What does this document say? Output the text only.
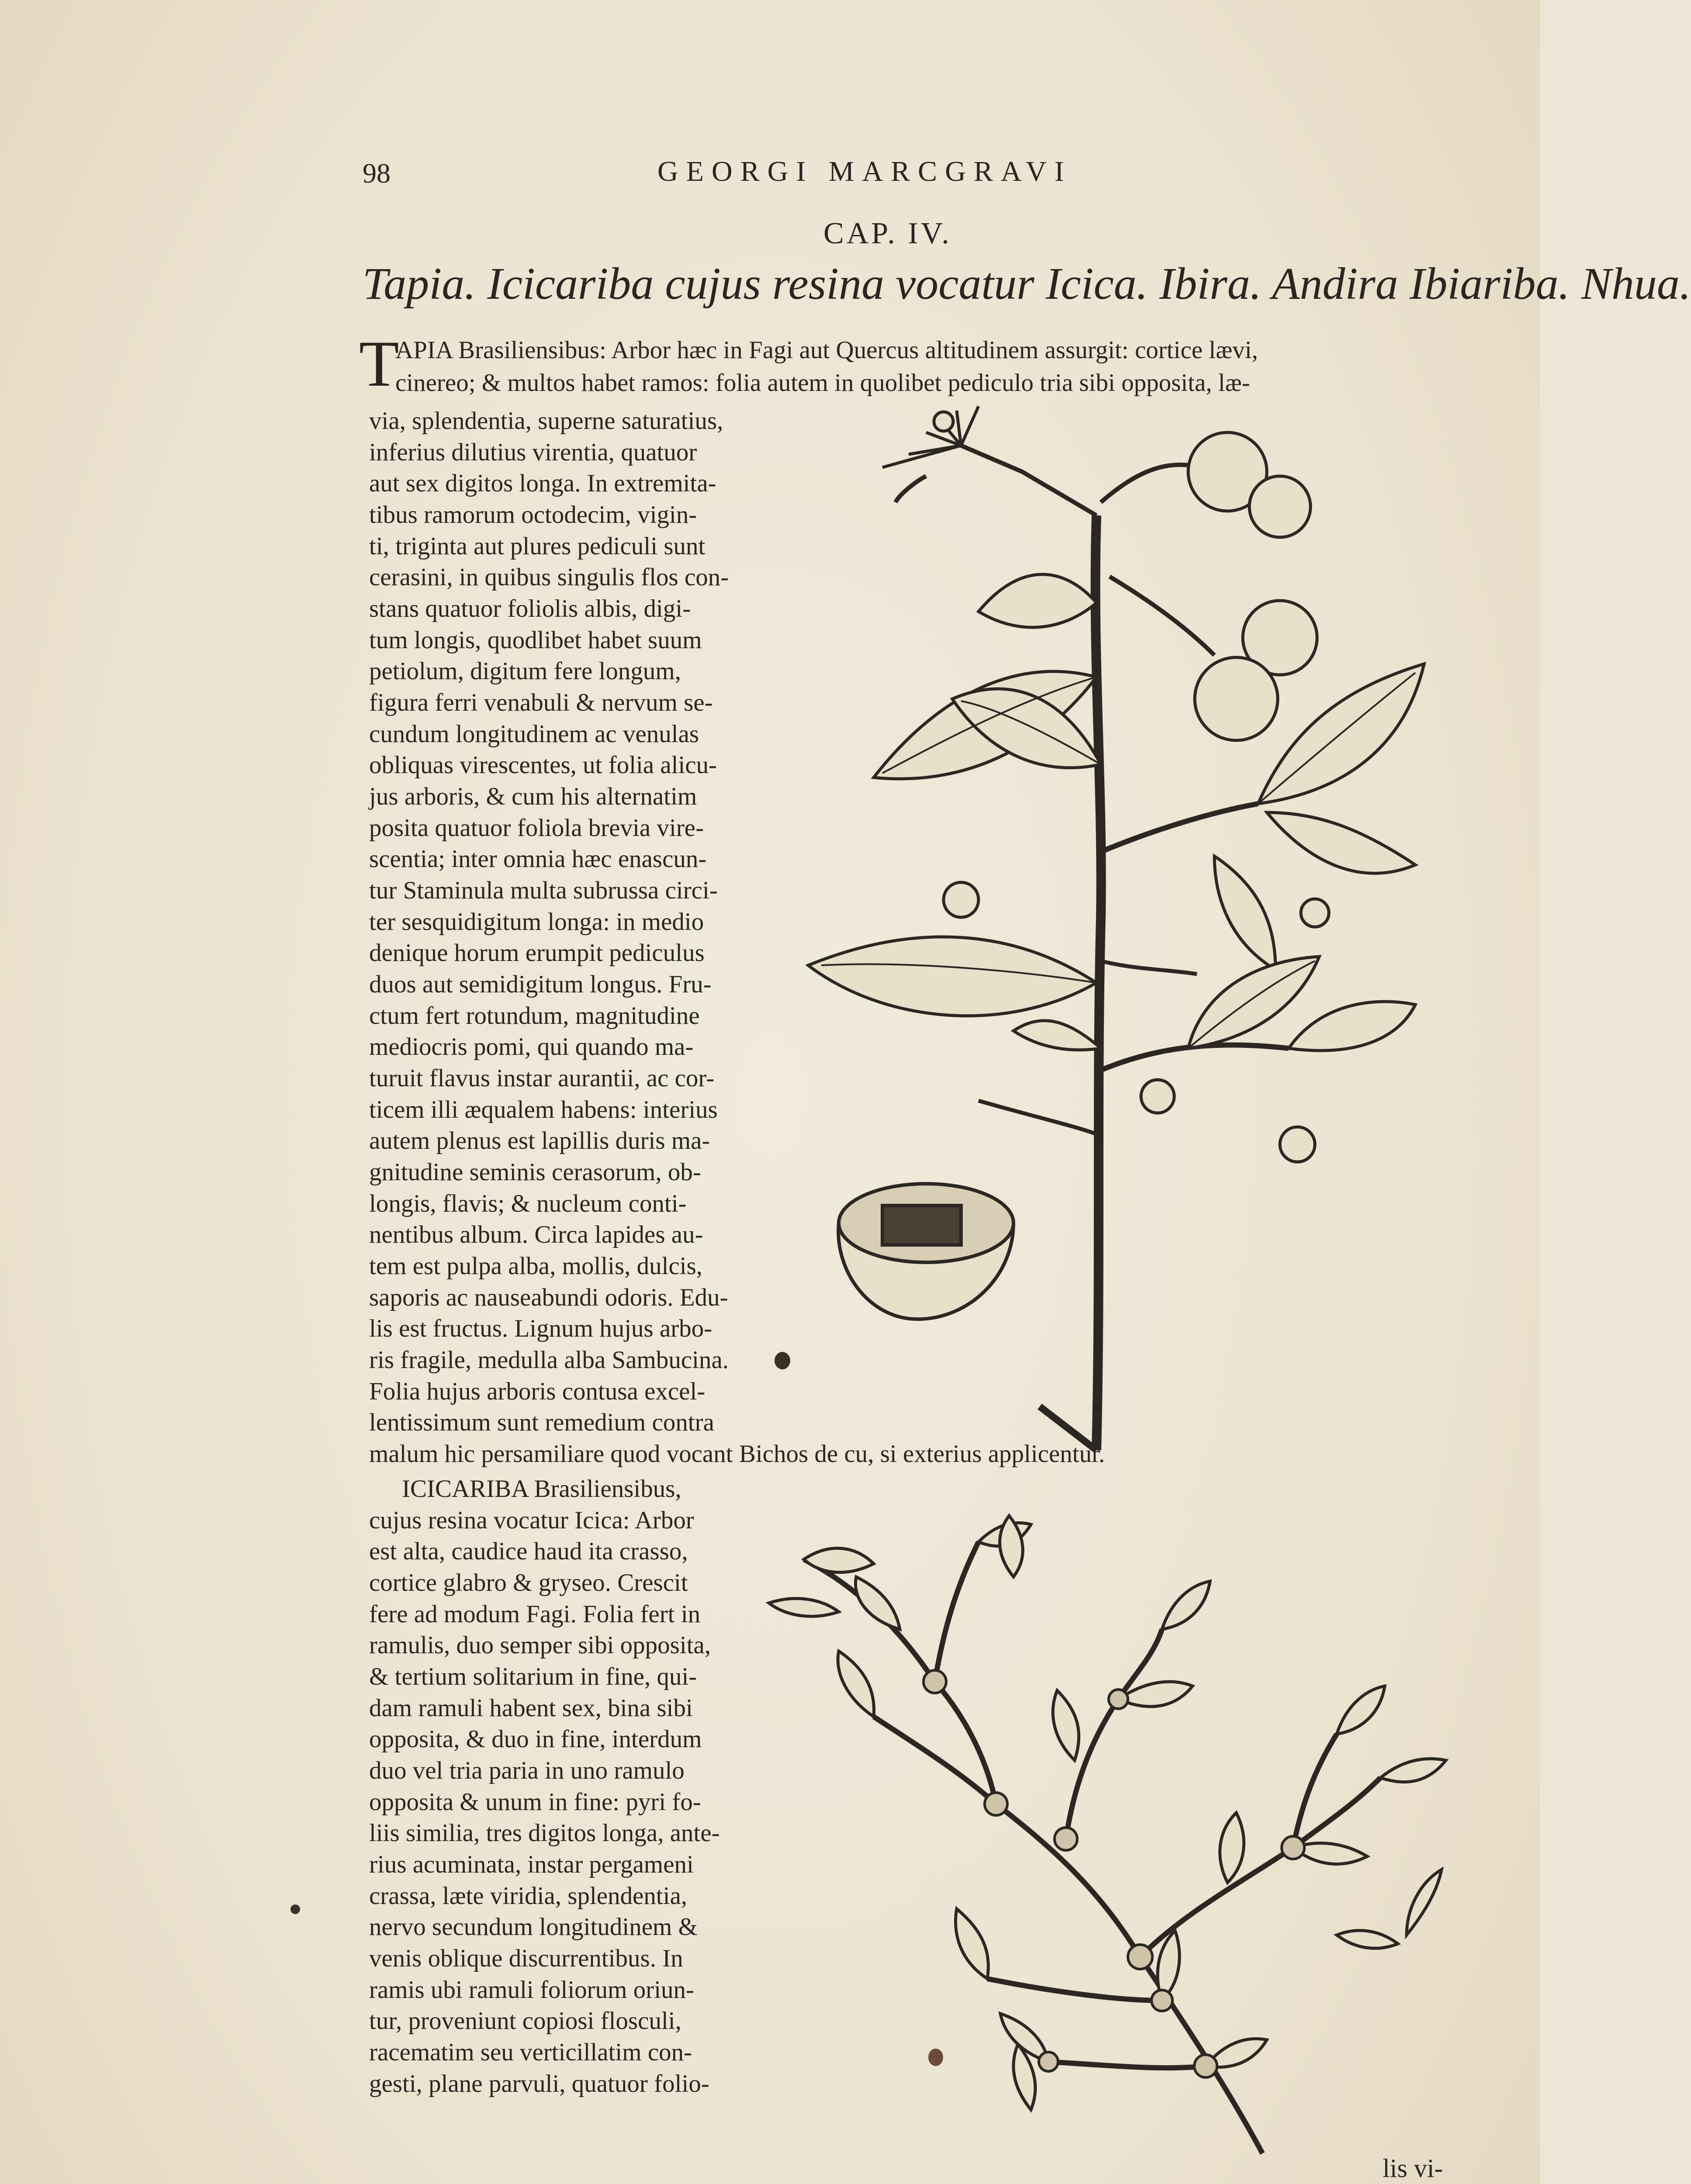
98	GEORGI MARCGRAVI
CAP. IV.
Tapia. Icicariba cujus resina vocatur Icica. Ibira. Andira Ibiariba. Nhua.
T
APIA Brasiliensibus: Arbor hæc in Fagi aut Quercus altitudinem assurgit: cortice lævi,
cinereo; & multos habet ramos: folia autem in quolibet pediculo tria sibi opposita, læ-
via, splendentia, superne saturatius,
inferius dilutius virentia, quatuor
aut sex digitos longa. In extremita-
tibus ramorum octodecim, vigin-
ti, triginta aut plures pediculi sunt
cerasini, in quibus singulis flos con-
stans quatuor foliolis albis, digi-
tum longis, quodlibet habet suum
petiolum, digitum fere longum,
figura ferri venabuli & nervum se-
cundum longitudinem ac venulas
obliquas virescentes, ut folia alicu-
jus arboris, & cum his alternatim
posita quatuor foliola brevia vire-
scentia; inter omnia hæc enascun-
tur Staminula multa subrussa circi-
ter sesquidigitum longa: in medio
denique horum erumpit pediculus
duos aut semidigitum longus. Fru-
ctum fert rotundum, magnitudine
mediocris pomi, qui quando ma-
turuit flavus instar aurantii, ac cor-
ticem illi æqualem habens: interius
autem plenus est lapillis duris ma-
gnitudine seminis cerasorum, ob-
longis, flavis; & nucleum conti-
nentibus album. Circa lapides au-
tem est pulpa alba, mollis, dulcis,
saporis ac nauseabundi odoris. Edu-
lis est fructus. Lignum hujus arbo-
ris fragile, medulla alba Sambucina.
Folia hujus arboris contusa excel-
lentissimum sunt remedium contra
malum hic persamiliare quod vocant Bichos de cu, si exterius applicentur.
ICICARIBA Brasiliensibus,
cujus resina vocatur Icica: Arbor
est alta, caudice haud ita crasso,
cortice glabro & gryseo. Crescit
fere ad modum Fagi. Folia fert in
ramulis, duo semper sibi opposita,
& tertium solitarium in fine, qui-
dam ramuli habent sex, bina sibi
opposita, & duo in fine, interdum
duo vel tria paria in uno ramulo
opposita & unum in fine: pyri fo-
liis similia, tres digitos longa, ante-
rius acuminata, instar pergameni
crassa, læte viridia, splendentia,
nervo secundum longitudinem &
venis oblique discurrentibus. In
ramis ubi ramuli foliorum oriun-
tur, proveniunt copiosi flosculi,
racematim seu verticillatim con-
gesti, plane parvuli, quatuor folio-
lis vi-
